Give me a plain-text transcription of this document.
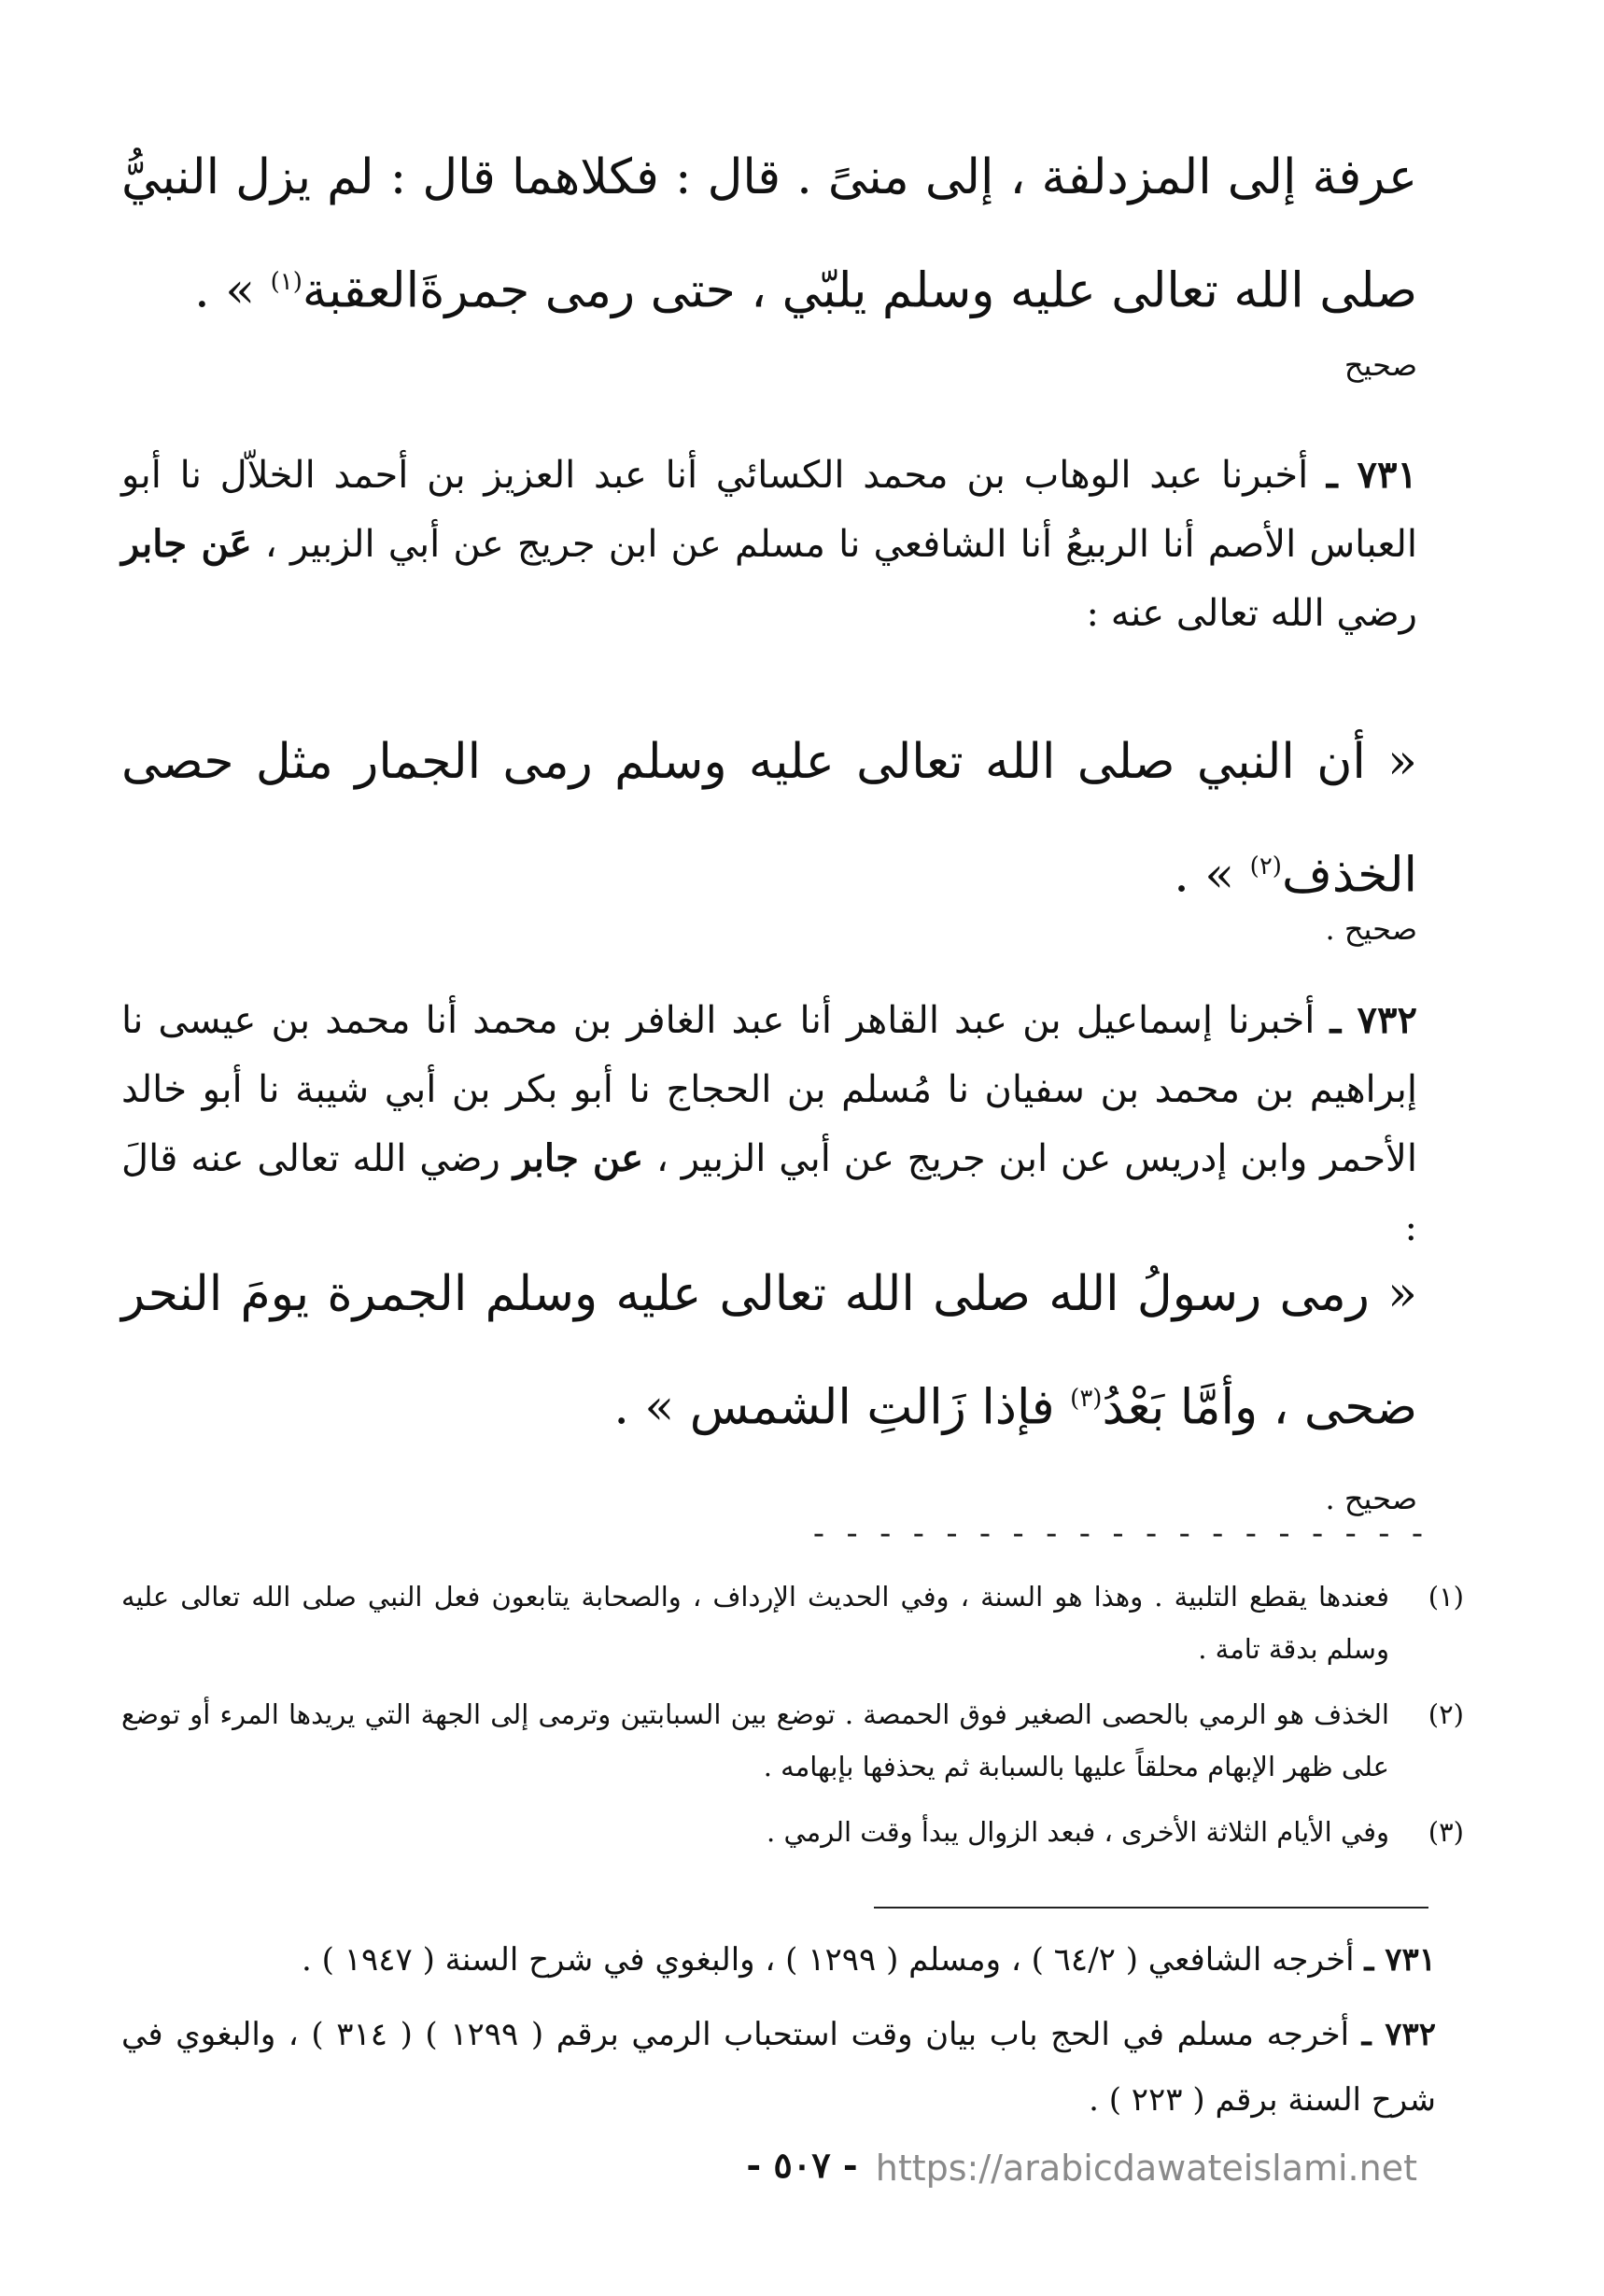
عرفة إلى المزدلفة ، إلى منىً . قال : فكلاهما قال : لم يزل النبيُّ صلى الله تعالى عليه وسلم يلبّي ، حتى رمى جمرةَالعقبة$^{(١)}$ » .
صحيح
٧٣١ ـ أخبرنا عبد الوهاب بن محمد الكسائي أنا عبد العزيز بن أحمد الخلاّل نا أبو العباس الأصم أنا الربيعُ أنا الشافعي نا مسلم عن ابن جريج عن أبي الزبير ، عَن جابر رضي الله تعالى عنه :
« أن النبي صلى الله تعالى عليه وسلم رمى الجمار مثل حصى الخذف$^{(٢)}$ » .
صحيح .
٧٣٢ ـ أخبرنا إسماعيل بن عبد القاهر أنا عبد الغافر بن محمد أنا محمد بن عيسى نا إبراهيم بن محمد بن سفيان نا مُسلم بن الحجاج نا أبو بكر بن أبي شيبة نا أبو خالد الأحمر وابن إدريس عن ابن جريج عن أبي الزبير ، عن جابر رضي الله تعالى عنه قالَ :
« رمى رسولُ الله صلى الله تعالى عليه وسلم الجمرة يومَ النحر ضحى ، وأمَّا بَعْدُ$^{(٣)}$ فإذا زَالتِ الشمس » .
صحيح .
- - - - - - - - - - - - - - - - - - -
(١)
فعندها يقطع التلبية . وهذا هو السنة ، وفي الحديث الإرداف ، والصحابة يتابعون فعل النبي صلى الله تعالى عليه وسلم بدقة تامة .
(٢)
الخذف هو الرمي بالحصى الصغير فوق الحمصة . توضع بين السبابتين وترمى إلى الجهة التي يريدها المرء أو توضع على ظهر الإبهام محلقاً عليها بالسبابة ثم يحذفها بإبهامه .
(٣)
وفي الأيام الثلاثة الأخرى ، فبعد الزوال يبدأ وقت الرمي .
٧٣١ ـ أخرجه الشافعي ( ٦٤/٢ ) ، ومسلم ( ١٢٩٩ ) ، والبغوي في شرح السنة ( ١٩٤٧ ) .
٧٣٢ ـ أخرجه مسلم في الحج باب بيان وقت استحباب الرمي برقم ( ١٢٩٩ ) ( ٣١٤ ) ، والبغوي في شرح السنة برقم ( ٢٢٣ ) .
- ٥٠٧ - https://arabicdawateislami.net
